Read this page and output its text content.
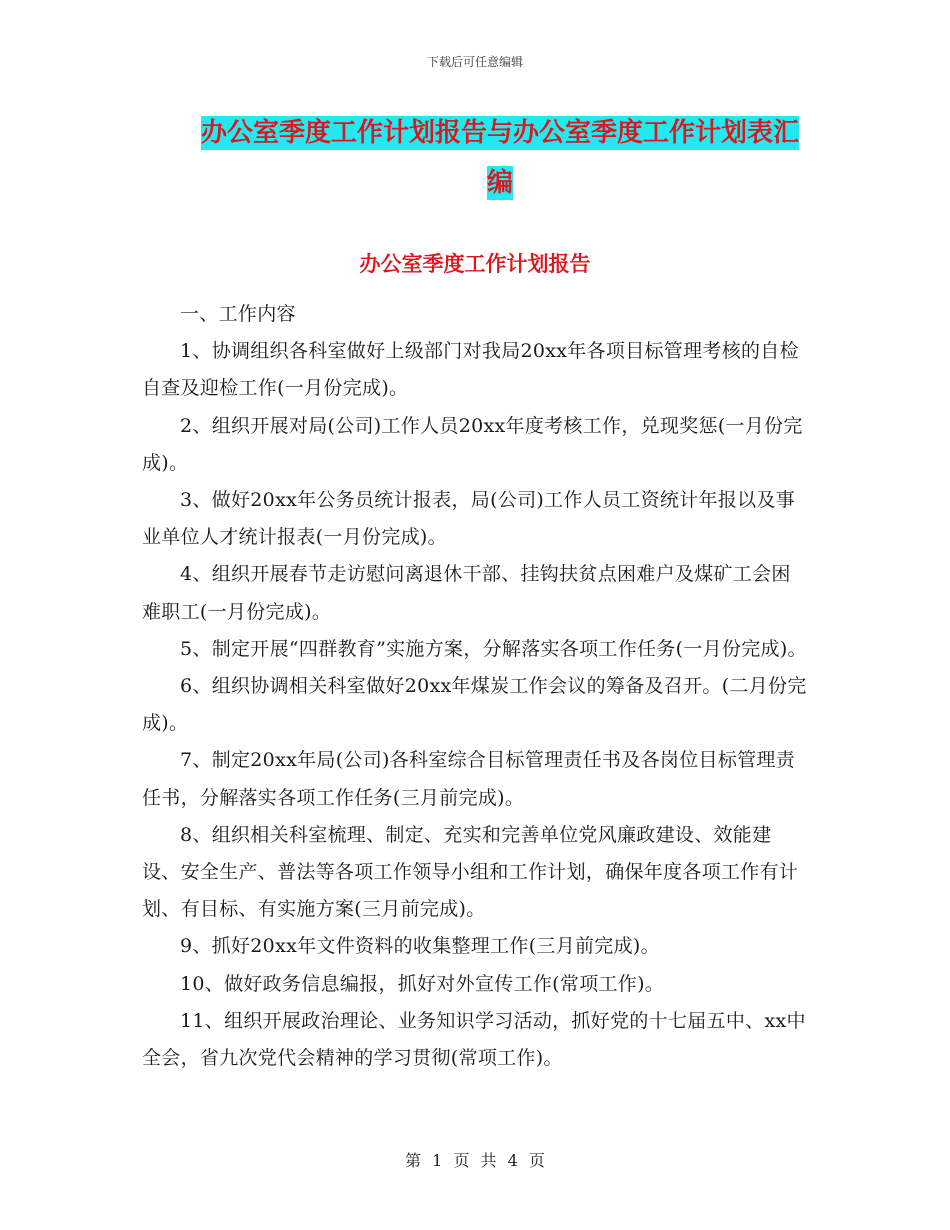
下载后可任意编辑
办公室季度工作计划报告与办公室季度工作计划表汇编
办公室季度工作计划报告

一、工作内容

1、协调组织各科室做好上级部门对我局20xx年各项目标管理考核的自检自查及迎检工作(一月份完成)。

2、组织开展对局(公司)工作人员20xx年度考核工作，兑现奖惩(一月份完成)。

3、做好20xx年公务员统计报表，局(公司)工作人员工资统计年报以及事业单位人才统计报表(一月份完成)。

4、组织开展春节走访慰问离退休干部、挂钩扶贫点困难户及煤矿工会困难职工(一月份完成)。

5、制定开展“四群教育”实施方案，分解落实各项工作任务(一月份完成)。

6、组织协调相关科室做好20xx年煤炭工作会议的筹备及召开。(二月份完成)。

7、制定20xx年局(公司)各科室综合目标管理责任书及各岗位目标管理责任书，分解落实各项工作任务(三月前完成)。

8、组织相关科室梳理、制定、充实和完善单位党风廉政建设、效能建设、安全生产、普法等各项工作领导小组和工作计划，确保年度各项工作有计划、有目标、有实施方案(三月前完成)。

9、抓好20xx年文件资料的收集整理工作(三月前完成)。

10、做好政务信息编报，抓好对外宣传工作(常项工作)。

11、组织开展政治理论、业务知识学习活动，抓好党的十七届五中、xx中全会，省九次党代会精神的学习贯彻(常项工作)。

第 1 页 共 4 页
